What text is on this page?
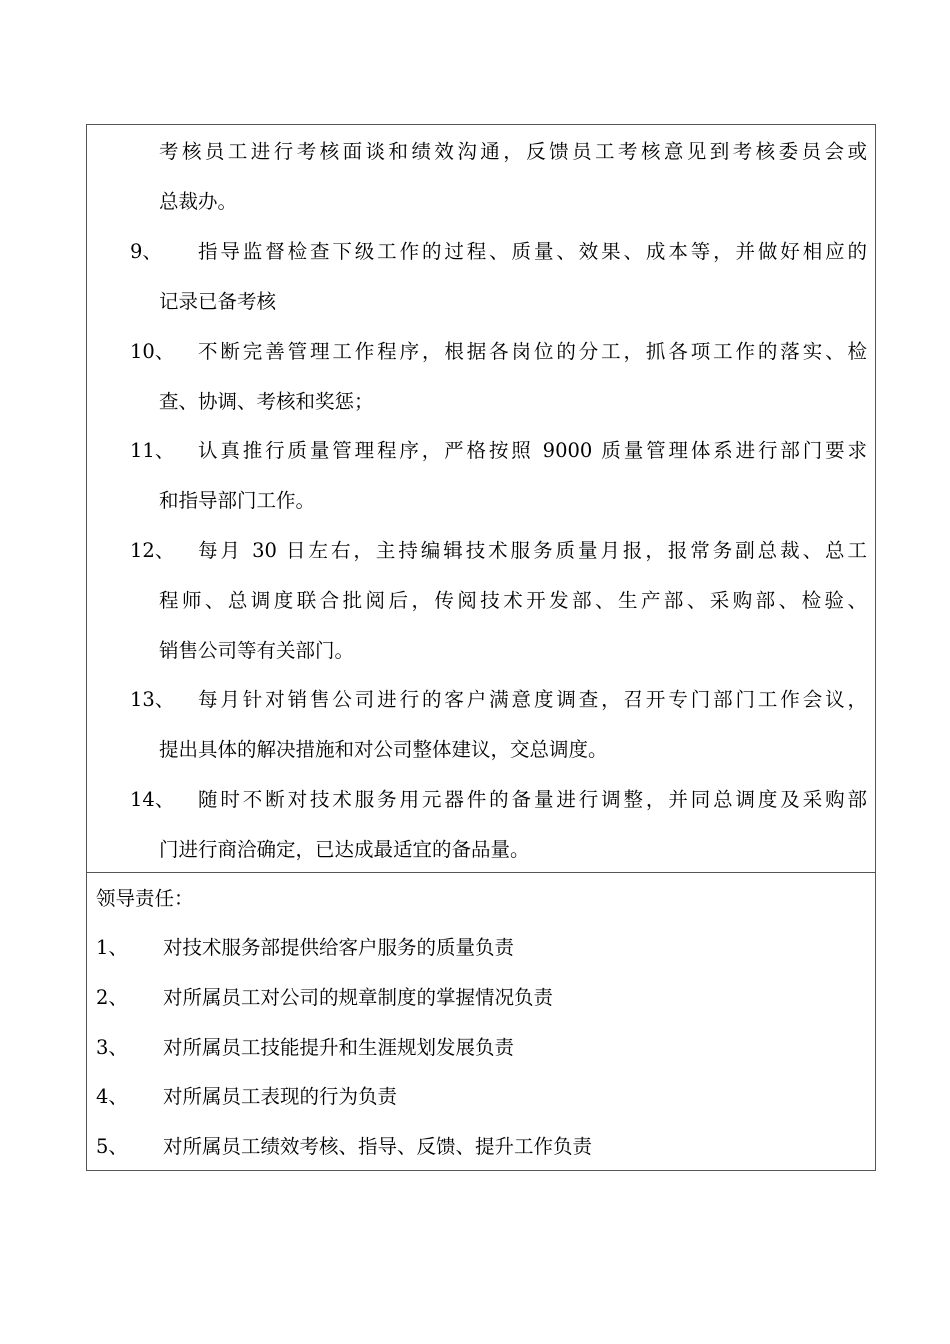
考核员工进行考核面谈和绩效沟通，反馈员工考核意见到考核委员会或
总裁办。
9、 指导监督检查下级工作的过程、质量、效果、成本等，并做好相应的
记录已备考核
10、 不断完善管理工作程序，根据各岗位的分工，抓各项工作的落实、检
查、协调、考核和奖惩；
11、 认真推行质量管理程序，严格按照 9000 质量管理体系进行部门要求
和指导部门工作。
12、 每月 30 日左右，主持编辑技术服务质量月报，报常务副总裁、总工
程师、总调度联合批阅后，传阅技术开发部、生产部、采购部、检验、
销售公司等有关部门。
13、 每月针对销售公司进行的客户满意度调查，召开专门部门工作会议，
提出具体的解决措施和对公司整体建议，交总调度。
14、 随时不断对技术服务用元器件的备量进行调整，并同总调度及采购部
门进行商洽确定，已达成最适宜的备品量。
领导责任：
1、 对技术服务部提供给客户服务的质量负责
2、 对所属员工对公司的规章制度的掌握情况负责
3、 对所属员工技能提升和生涯规划发展负责
4、 对所属员工表现的行为负责
5、 对所属员工绩效考核、指导、反馈、提升工作负责
